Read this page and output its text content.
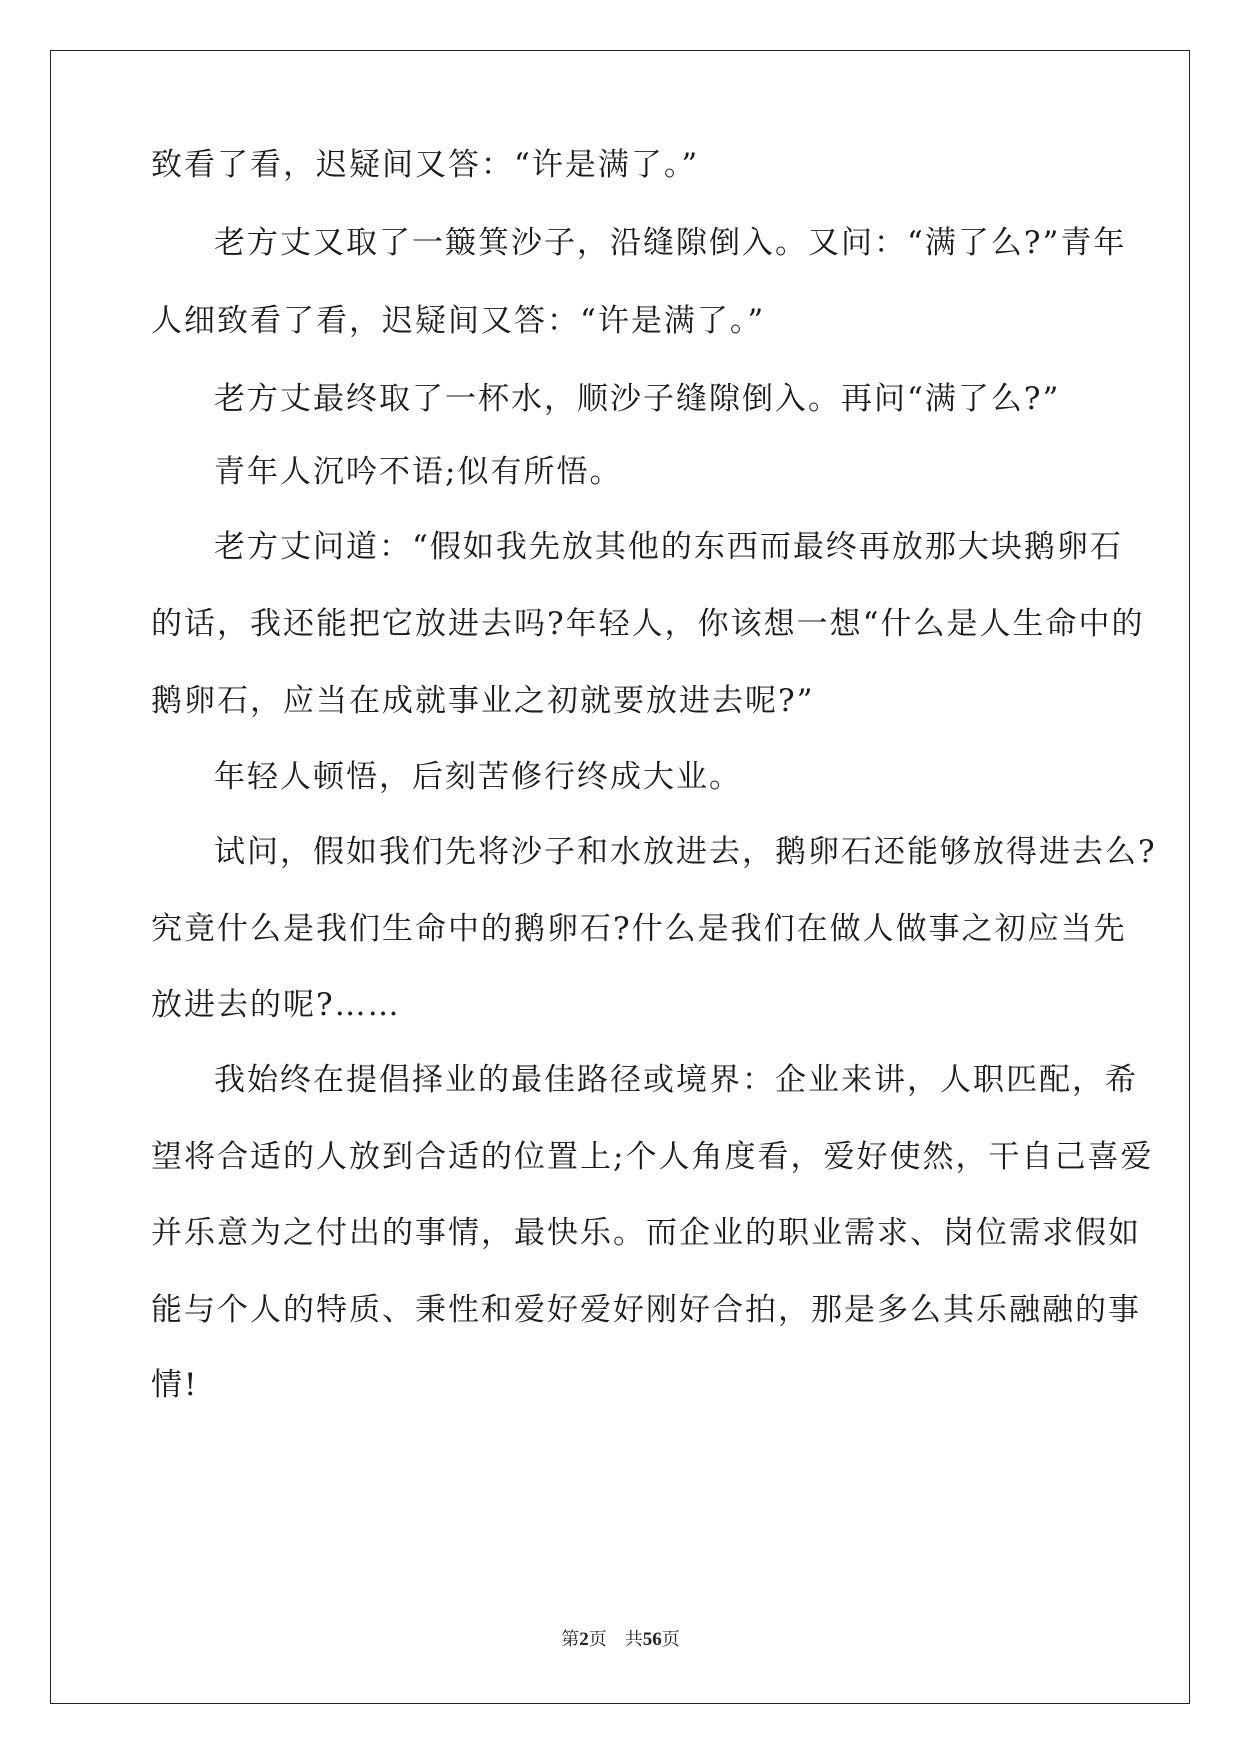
致看了看，迟疑间又答：“许是满了。”
老方丈又取了一簸箕沙子，沿缝隙倒入。又问：“满了么?”青年
人细致看了看，迟疑间又答：“许是满了。”
老方丈最终取了一杯水，顺沙子缝隙倒入。再问“满了么?”
青年人沉吟不语;似有所悟。
老方丈问道：“假如我先放其他的东西而最终再放那大块鹅卵石
的话，我还能把它放进去吗?年轻人，你该想一想“什么是人生命中的
鹅卵石，应当在成就事业之初就要放进去呢?”
年轻人顿悟，后刻苦修行终成大业。
试问，假如我们先将沙子和水放进去，鹅卵石还能够放得进去么?
究竟什么是我们生命中的鹅卵石?什么是我们在做人做事之初应当先
放进去的呢?……
我始终在提倡择业的最佳路径或境界：企业来讲，人职匹配，希
望将合适的人放到合适的位置上;个人角度看，爱好使然，干自己喜爱
并乐意为之付出的事情，最快乐。而企业的职业需求、岗位需求假如
能与个人的特质、秉性和爱好爱好刚好合拍，那是多么其乐融融的事
情!
第2页 共56页
